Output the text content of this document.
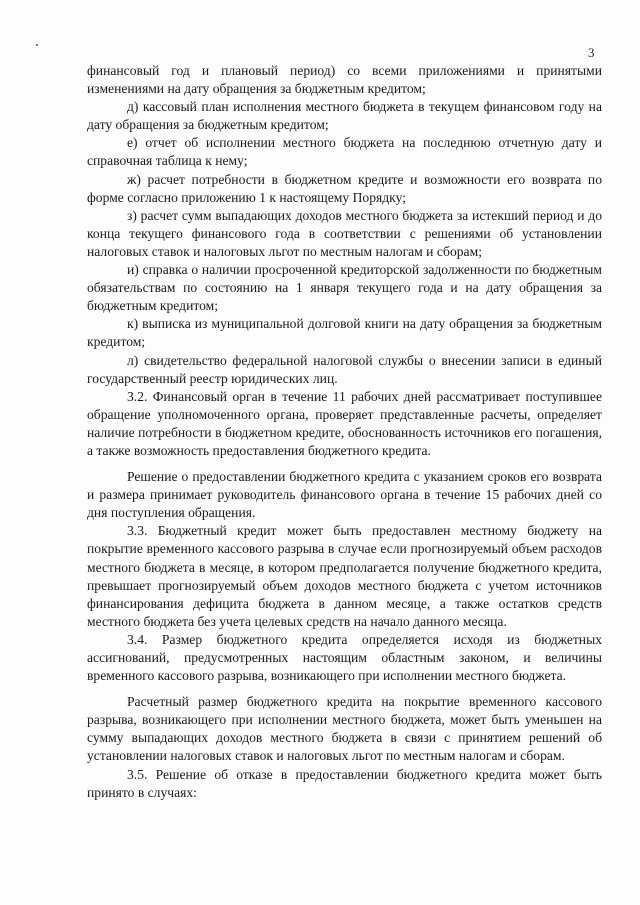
3

финансовый год и плановый период) со всеми приложениями и принятыми изменениями на дату обращения за бюджетным кредитом;

д) кассовый план исполнения местного бюджета в текущем финансовом году на дату обращения за бюджетным кредитом;

е) отчет об исполнении местного бюджета на последнюю отчетную дату и справочная таблица к нему;

ж) расчет потребности в бюджетном кредите и возможности его возврата по форме согласно приложению 1 к настоящему Порядку;

з) расчет сумм выпадающих доходов местного бюджета за истекший период и до конца текущего финансового года в соответствии с решениями об установлении налоговых ставок и налоговых льгот по местным налогам и сборам;

и) справка о наличии просроченной кредиторской задолженности по бюджетным обязательствам по состоянию на 1 января текущего года и на дату обращения за бюджетным кредитом;

к) выписка из муниципальной долговой книги на дату обращения за бюджетным кредитом;

л) свидетельство федеральной налоговой службы о внесении записи в единый государственный реестр юридических лиц.

3.2. Финансовый орган в течение 11 рабочих дней рассматривает поступившее обращение уполномоченного органа, проверяет представленные расчеты, определяет наличие потребности в бюджетном кредите, обоснованность источников его погашения, а также возможность предоставления бюджетного кредита.

Решение о предоставлении бюджетного кредита с указанием сроков его возврата и размера принимает руководитель финансового органа в течение 15 рабочих дней со дня поступления обращения.

3.3. Бюджетный кредит может быть предоставлен местному бюджету на покрытие временного кассового разрыва в случае если прогнозируемый объем расходов местного бюджета в месяце, в котором предполагается получение бюджетного кредита, превышает прогнозируемый объем доходов местного бюджета с учетом источников финансирования дефицита бюджета в данном месяце, а также остатков средств местного бюджета без учета целевых средств на начало данного месяца.

3.4. Размер бюджетного кредита определяется исходя из бюджетных ассигнований, предусмотренных настоящим областным законом, и величины временного кассового разрыва, возникающего при исполнении местного бюджета.

Расчетный размер бюджетного кредита на покрытие временного кассового разрыва, возникающего при исполнении местного бюджета, может быть уменьшен на сумму выпадающих доходов местного бюджета в связи с принятием решений об установлении налоговых ставок и налоговых льгот по местным налогам и сборам.

3.5. Решение об отказе в предоставлении бюджетного кредита может быть принято в случаях:
